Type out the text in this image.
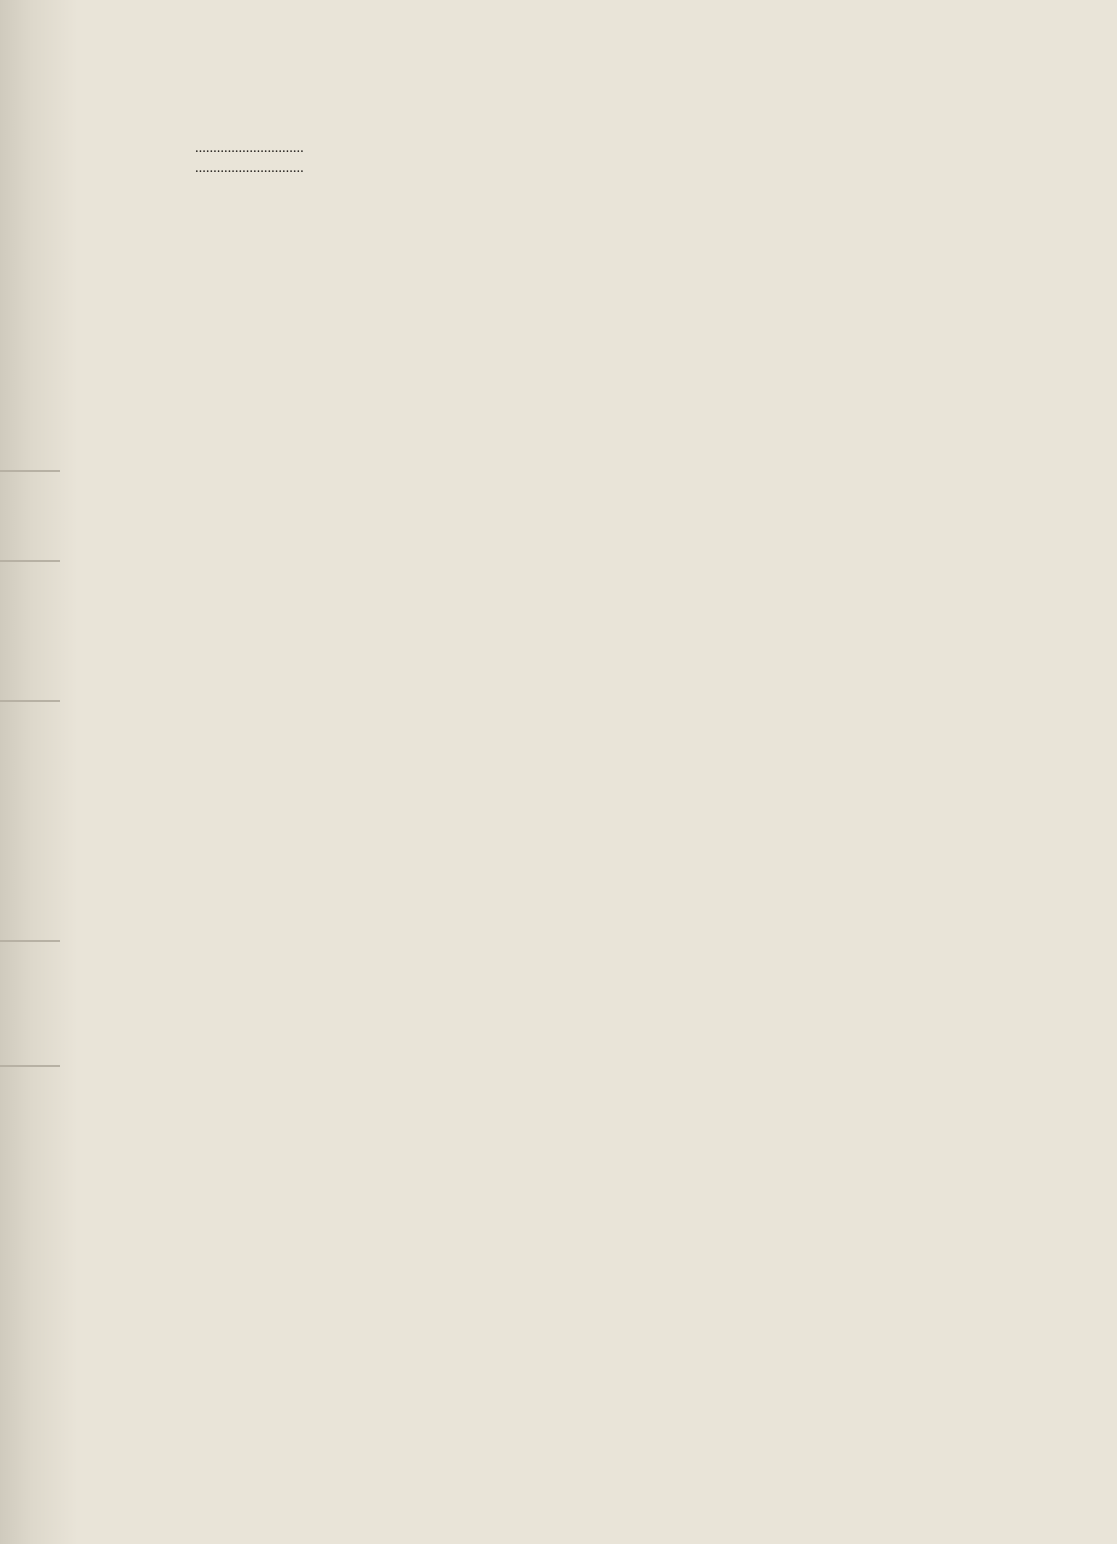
..............................							
..............................							
